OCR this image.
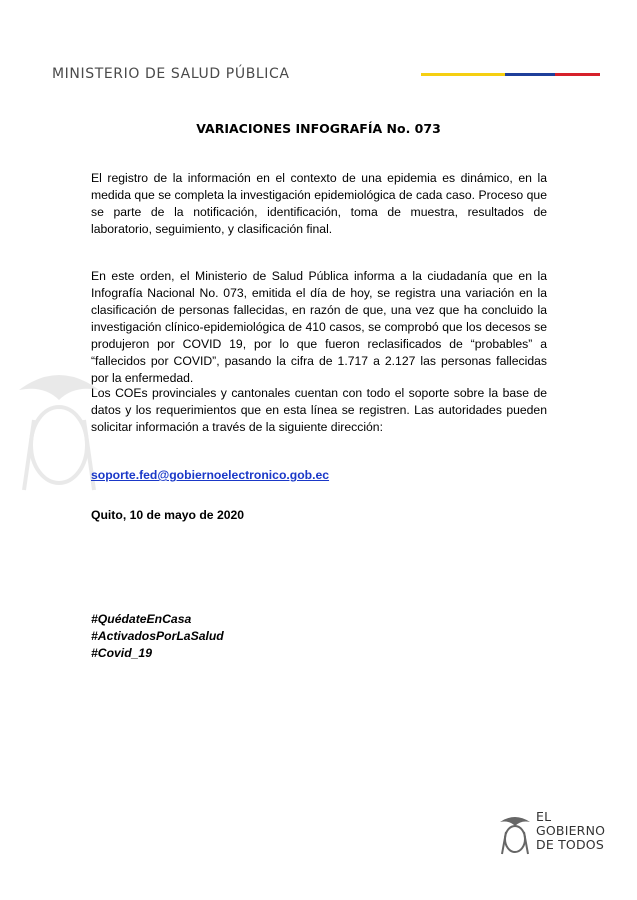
MINISTERIO DE SALUD PÚBLICA
VARIACIONES INFOGRAFÍA No. 073
El registro de la información en el contexto de una epidemia es dinámico, en la medida que se completa la investigación epidemiológica de cada caso. Proceso que se parte de la notificación, identificación, toma de muestra, resultados de laboratorio, seguimiento, y clasificación final.
En este orden, el Ministerio de Salud Pública informa a la ciudadanía que en la Infografía Nacional No. 073, emitida el día de hoy, se registra una variación en la clasificación de personas fallecidas, en razón de que, una vez que ha concluido la investigación clínico-epidemiológica de 410 casos, se comprobó que los decesos se produjeron por COVID 19, por lo que fueron reclasificados de “probables” a “fallecidos por COVID”, pasando la cifra de 1.717 a 2.127 las personas fallecidas por la enfermedad.
Los COEs provinciales y cantonales cuentan con todo el soporte sobre la base de datos y los requerimientos que en esta línea se registren. Las autoridades pueden solicitar información a través de la siguiente dirección:
soporte.fed@gobiernoelectronico.gob.ec
Quito, 10 de mayo de 2020
#QuédateEnCasa
#ActivadosPorLaSalud
#Covid_19
EL
GOBIERNO
DE TODOS
